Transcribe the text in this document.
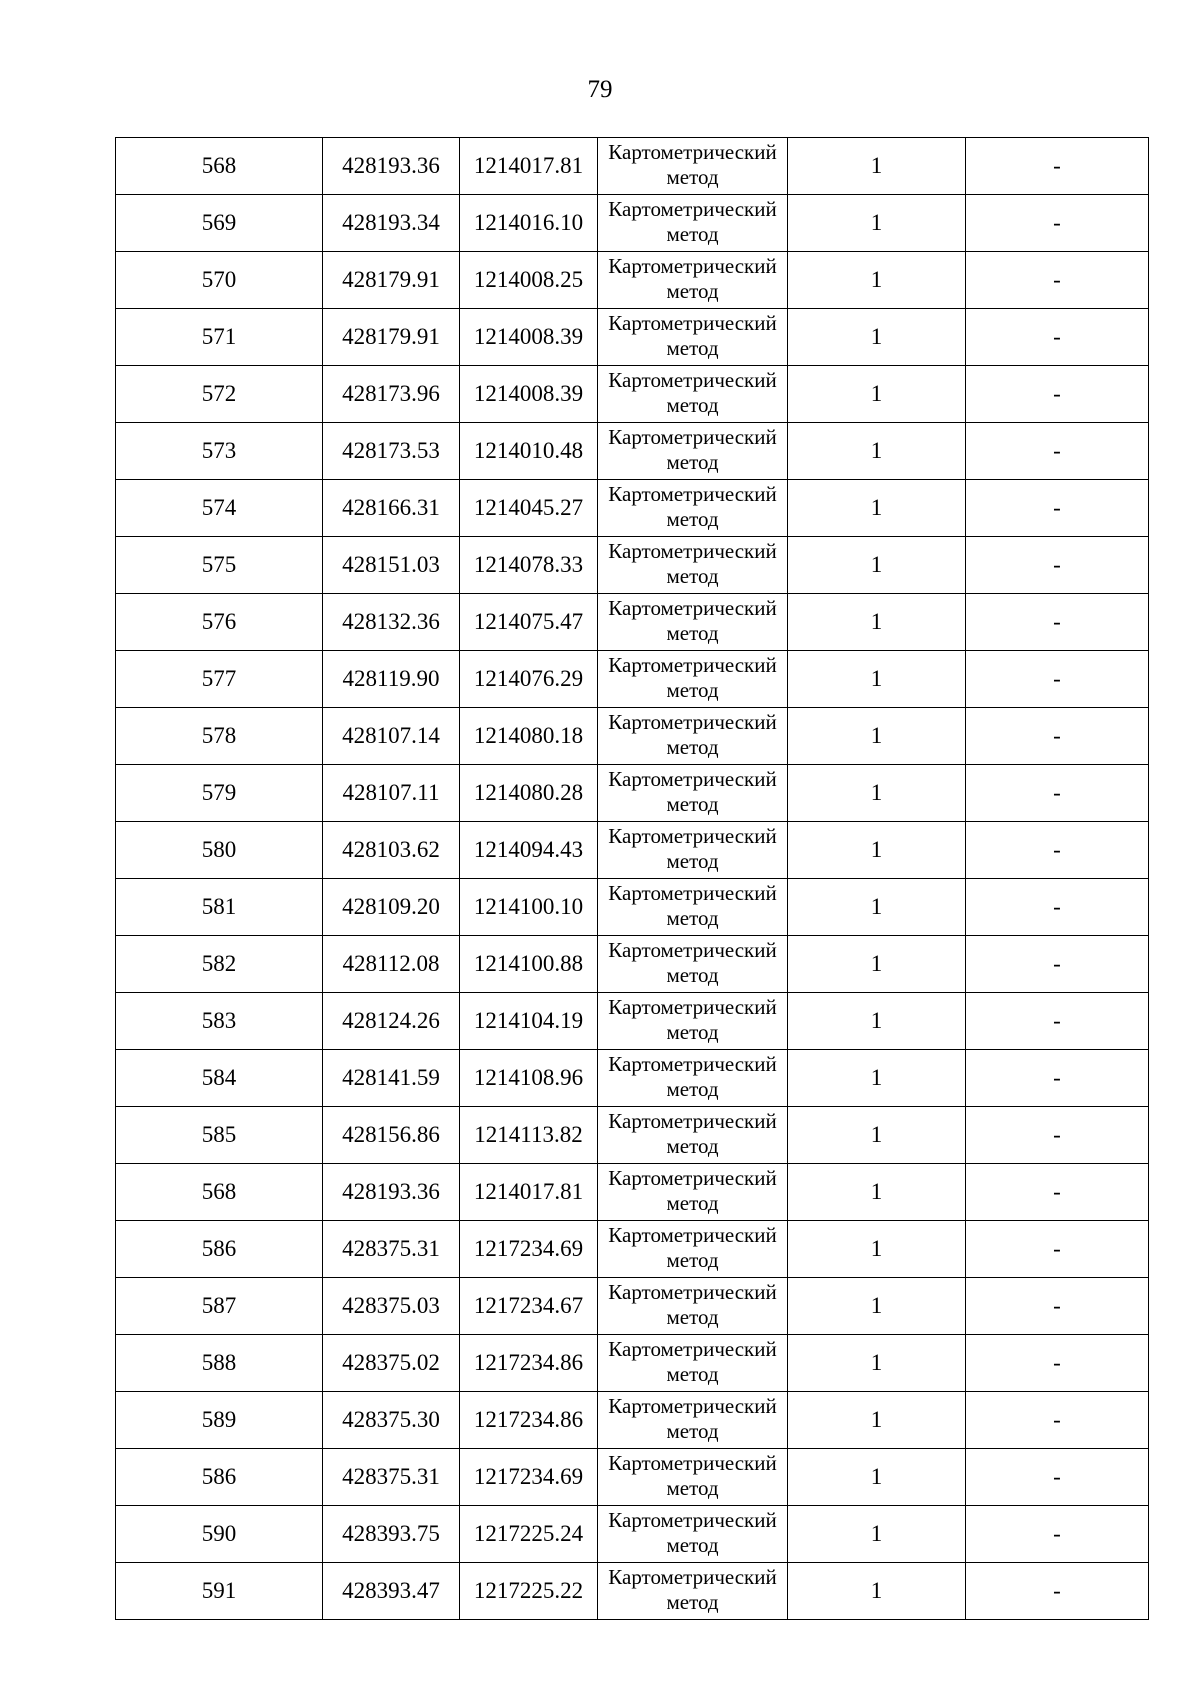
79
568	428193.36	1214017.81	Картометрический метод	1	-
569	428193.34	1214016.10	Картометрический метод	1	-
570	428179.91	1214008.25	Картометрический метод	1	-
571	428179.91	1214008.39	Картометрический метод	1	-
572	428173.96	1214008.39	Картометрический метод	1	-
573	428173.53	1214010.48	Картометрический метод	1	-
574	428166.31	1214045.27	Картометрический метод	1	-
575	428151.03	1214078.33	Картометрический метод	1	-
576	428132.36	1214075.47	Картометрический метод	1	-
577	428119.90	1214076.29	Картометрический метод	1	-
578	428107.14	1214080.18	Картометрический метод	1	-
579	428107.11	1214080.28	Картометрический метод	1	-
580	428103.62	1214094.43	Картометрический метод	1	-
581	428109.20	1214100.10	Картометрический метод	1	-
582	428112.08	1214100.88	Картометрический метод	1	-
583	428124.26	1214104.19	Картометрический метод	1	-
584	428141.59	1214108.96	Картометрический метод	1	-
585	428156.86	1214113.82	Картометрический метод	1	-
568	428193.36	1214017.81	Картометрический метод	1	-
586	428375.31	1217234.69	Картометрический метод	1	-
587	428375.03	1217234.67	Картометрический метод	1	-
588	428375.02	1217234.86	Картометрический метод	1	-
589	428375.30	1217234.86	Картометрический метод	1	-
586	428375.31	1217234.69	Картометрический метод	1	-
590	428393.75	1217225.24	Картометрический метод	1	-
591	428393.47	1217225.22	Картометрический метод	1	-
